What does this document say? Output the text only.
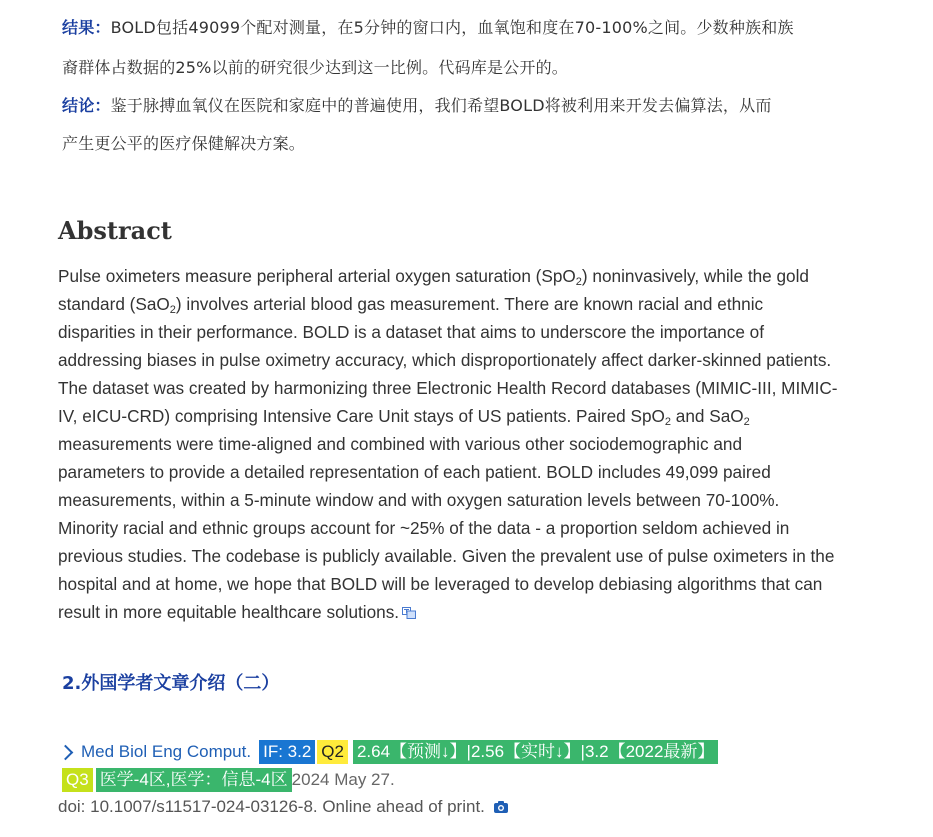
结果：BOLD包括49099个配对测量，在5分钟的窗口内，血氧饱和度在70-100%之间。少数种族和族
裔群体占数据的25%以前的研究很少达到这一比例。代码库是公开的。
结论：鉴于脉搏血氧仪在医院和家庭中的普遍使用，我们希望BOLD将被利用来开发去偏算法，从而
产生更公平的医疗保健解决方案。
Abstract
Pulse oximeters measure peripheral arterial oxygen saturation (SpO$_2$) noninvasively, while the gold
standard (SaO$_2$) involves arterial blood gas measurement. There are known racial and ethnic
disparities in their performance. BOLD is a dataset that aims to underscore the importance of
addressing biases in pulse oximetry accuracy, which disproportionately affect darker-skinned patients.
The dataset was created by harmonizing three Electronic Health Record databases (MIMIC-III, MIMIC-
IV, eICU-CRD) comprising Intensive Care Unit stays of US patients. Paired SpO$_2$ and SaO$_2$
measurements were time-aligned and combined with various other sociodemographic and
parameters to provide a detailed representation of each patient. BOLD includes 49,099 paired
measurements, within a 5-minute window and with oxygen saturation levels between 70-100%.
Minority racial and ethnic groups account for ~25% of the data - a proportion seldom achieved in
previous studies. The codebase is publicly available. Given the prevalent use of pulse oximeters in the
hospital and at home, we hope that BOLD will be leveraged to develop debiasing algorithms that can
result in more equitable healthcare solutions.
2.外国学者文章介绍（二）
Med Biol Eng Comput. IF: 3.2 Q2 2.64【预测↓】|2.56【实时↓】|3.2【2022最新】
Q3 医学-4区,医学：信息-4区 2024 May 27.
doi: 10.1007/s11517-024-03126-8. Online ahead of print.
